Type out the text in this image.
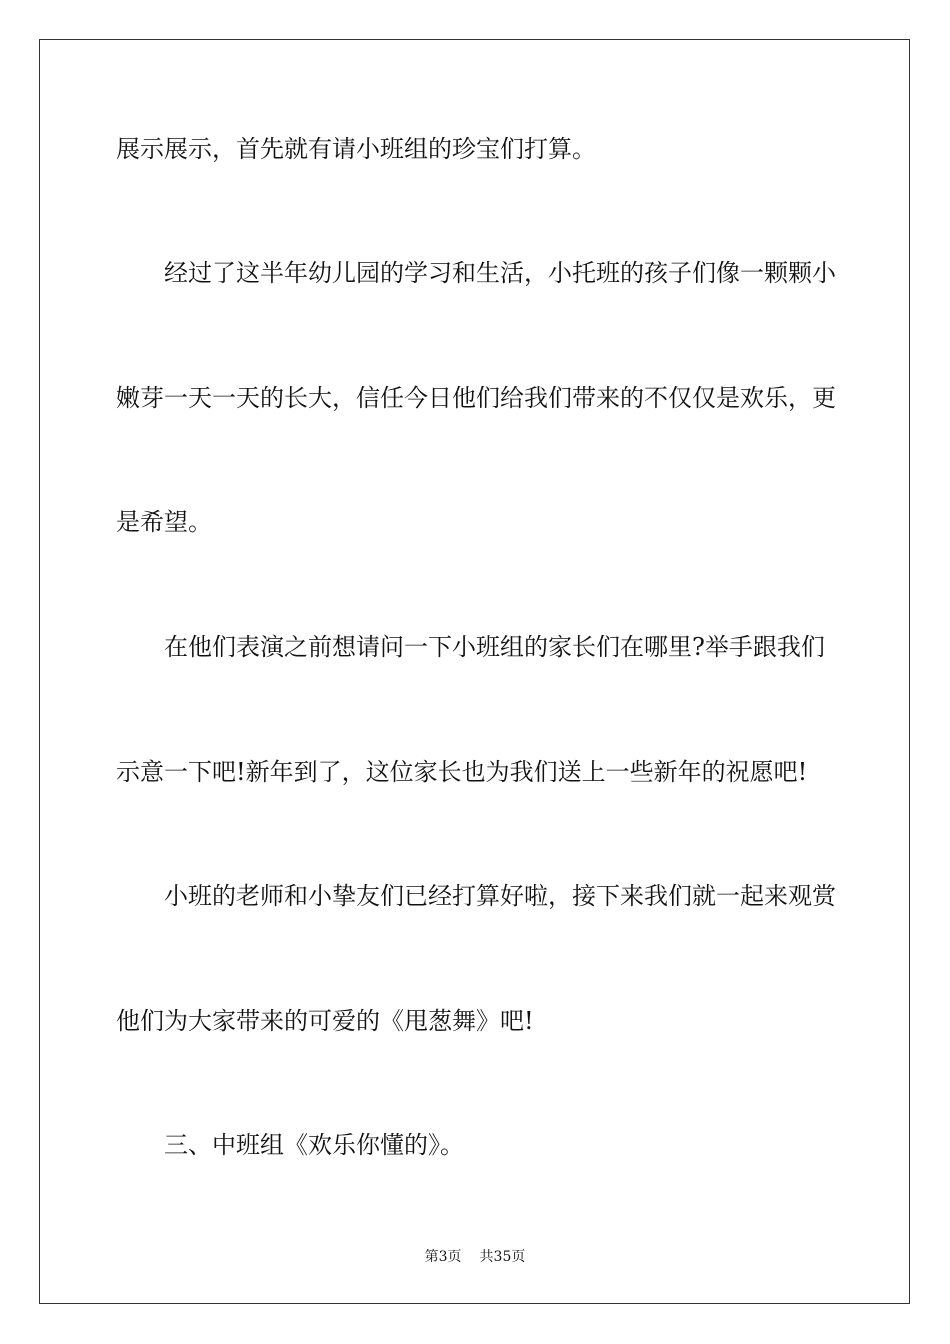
展示展示，首先就有请小班组的珍宝们打算。
　　经过了这半年幼儿园的学习和生活，小托班的孩子们像一颗颗小
嫩芽一天一天的长大，信任今日他们给我们带来的不仅仅是欢乐，更
是希望。
　　在他们表演之前想请问一下小班组的家长们在哪里?举手跟我们
示意一下吧!新年到了，这位家长也为我们送上一些新年的祝愿吧!
　　小班的老师和小挚友们已经打算好啦，接下来我们就一起来观赏
他们为大家带来的可爱的《甩葱舞》吧!
　　三、中班组《欢乐你懂的》。
第3页 共35页
